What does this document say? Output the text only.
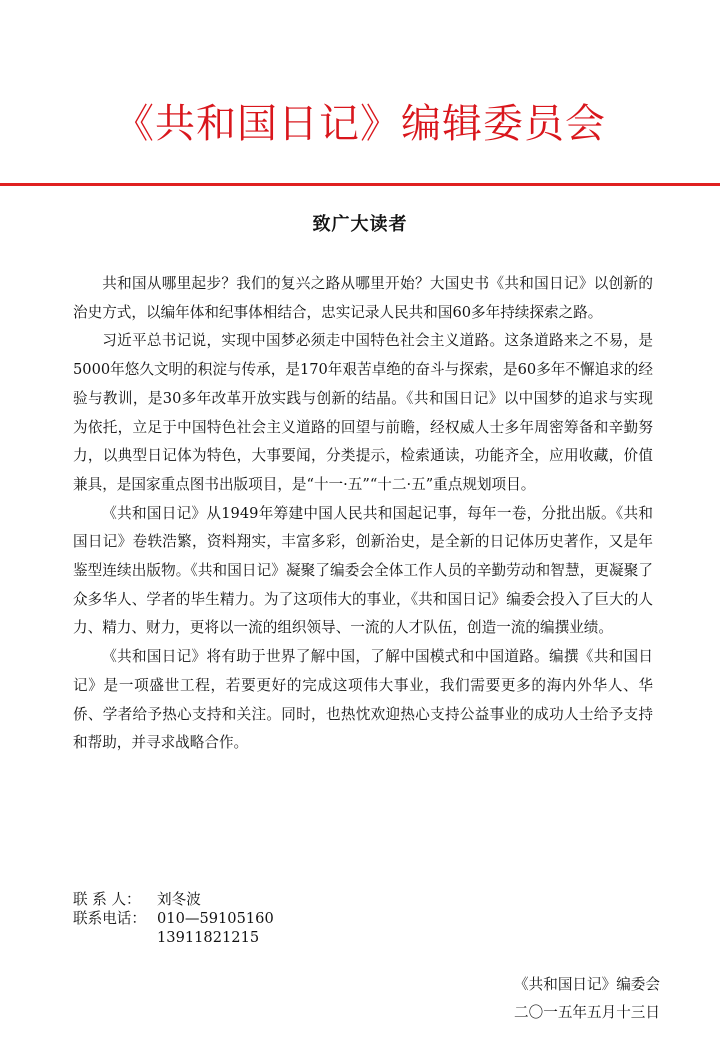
《共和国日记》编辑委员会
致广大读者

共和国从哪里起步？我们的复兴之路从哪里开始？大国史书《共和国日记》以创新的治史方式，以编年体和纪事体相结合，忠实记录人民共和国60多年持续探索之路。

习近平总书记说，实现中国梦必须走中国特色社会主义道路。这条道路来之不易，是5000年悠久文明的积淀与传承，是170年艰苦卓绝的奋斗与探索，是60多年不懈追求的经验与教训，是30多年改革开放实践与创新的结晶。《共和国日记》以中国梦的追求与实现为依托，立足于中国特色社会主义道路的回望与前瞻，经权威人士多年周密筹备和辛勤努力，以典型日记体为特色，大事要闻，分类提示，检索通读，功能齐全，应用收藏，价值兼具，是国家重点图书出版项目，是“十一·五”“十二·五”重点规划项目。

《共和国日记》从1949年筹建中国人民共和国起记事，每年一卷，分批出版。《共和国日记》卷轶浩繁，资料翔实，丰富多彩，创新治史，是全新的日记体历史著作，又是年鉴型连续出版物。《共和国日记》凝聚了编委会全体工作人员的辛勤劳动和智慧，更凝聚了众多华人、学者的毕生精力。为了这项伟大的事业，《共和国日记》编委会投入了巨大的人力、精力、财力，更将以一流的组织领导、一流的人才队伍，创造一流的编撰业绩。

《共和国日记》将有助于世界了解中国，了解中国模式和中国道路。编撰《共和国日记》是一项盛世工程，若要更好的完成这项伟大事业，我们需要更多的海内外华人、华侨、学者给予热心支持和关注。同时，也热忱欢迎热心支持公益事业的成功人士给予支持和帮助，并寻求战略合作。

联 系 人： 刘冬波
联系电话： 010—59105160
13911821215
《共和国日记》编委会
二〇一五年五月十三日
